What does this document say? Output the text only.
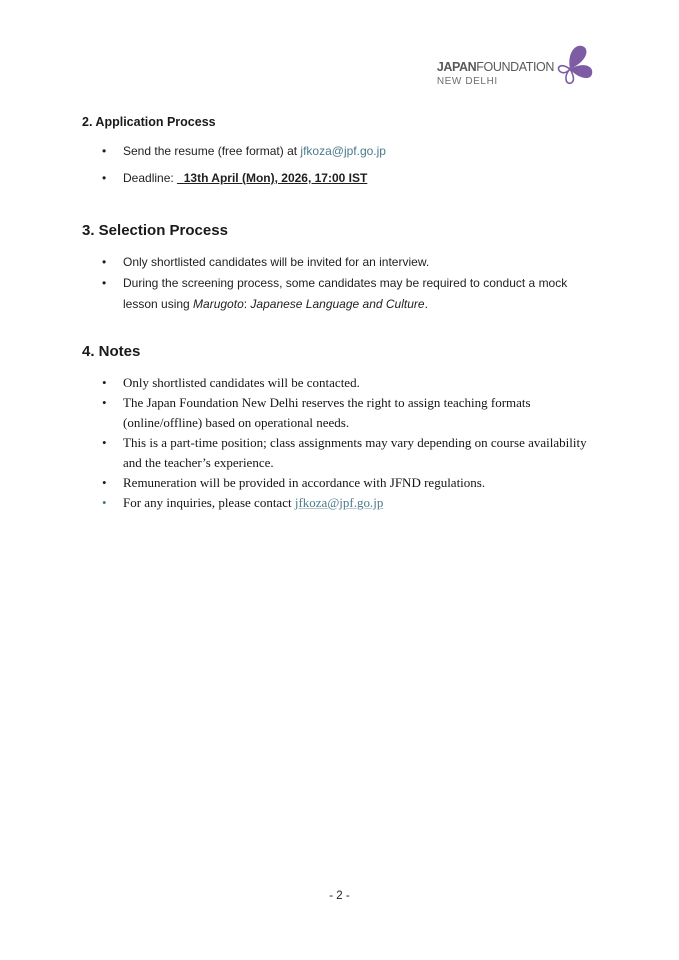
JAPANFOUNDATION
NEW DELHI
2. Application Process
• Send the resume (free format) at jfkoza@jpf.go.jp
• Deadline: _13th April (Mon), 2026, 17:00 IST
3. Selection Process
• Only shortlisted candidates will be invited for an interview.
• During the screening process, some candidates may be required to conduct a mock lesson using Marugoto: Japanese Language and Culture.
4. Notes
• Only shortlisted candidates will be contacted.
• The Japan Foundation New Delhi reserves the right to assign teaching formats (online/offline) based on operational needs.
• This is a part-time position; class assignments may vary depending on course availability and the teacher’s experience.
• Remuneration will be provided in accordance with JFND regulations.
• For any inquiries, please contact jfkoza@jpf.go.jp
- 2 -
